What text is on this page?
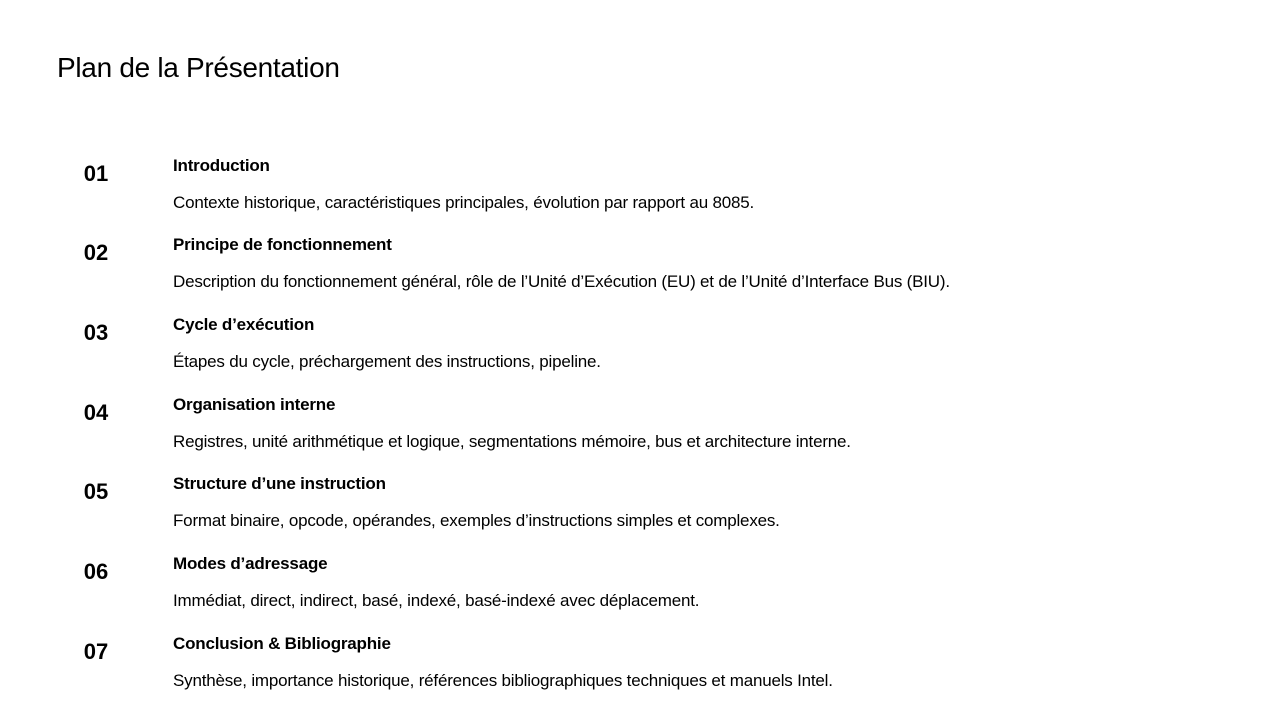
Plan de la Présentation
01	Introduction
Contexte historique, caractéristiques principales, évolution par rapport au 8085.
02	Principe de fonctionnement
Description du fonctionnement général, rôle de l’Unité d’Exécution (EU) et de l’Unité d’Interface Bus (BIU).
03	Cycle d’exécution
Étapes du cycle, préchargement des instructions, pipeline.
04	Organisation interne
Registres, unité arithmétique et logique, segmentations mémoire, bus et architecture interne.
05	Structure d’une instruction
Format binaire, opcode, opérandes, exemples d’instructions simples et complexes.
06	Modes d’adressage
Immédiat, direct, indirect, basé, indexé, basé-indexé avec déplacement.
07	Conclusion & Bibliographie
Synthèse, importance historique, références bibliographiques techniques et manuels Intel.
